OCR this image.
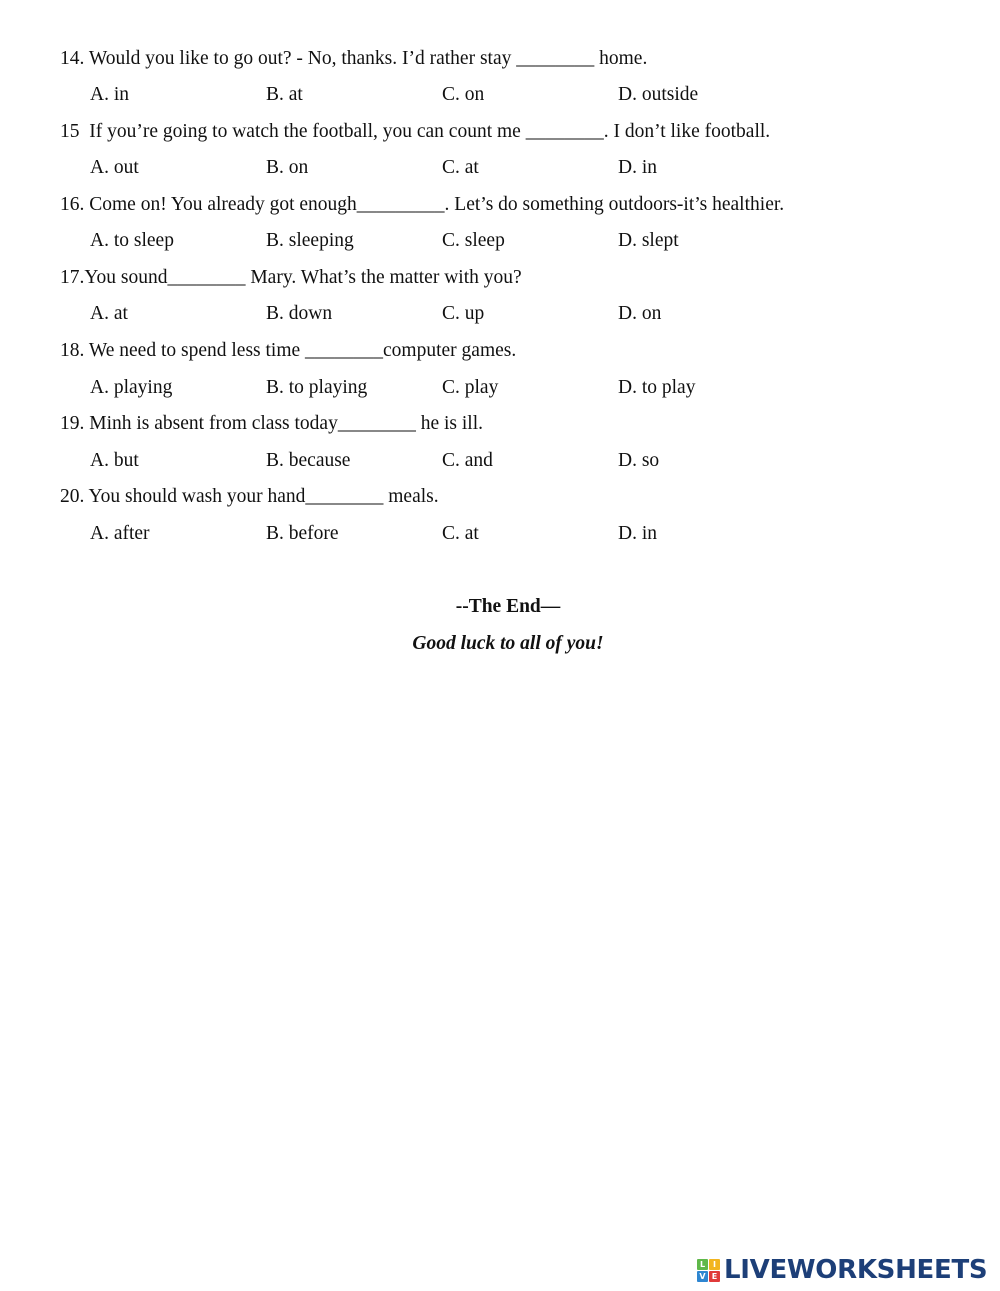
14. Would you like to go out? - No, thanks. I’d rather stay ________ home.
A. in	B. at	C. on	D. outside
15  If you’re going to watch the football, you can count me ________. I don’t like football.
A. out	B. on	C. at	D. in
16. Come on! You already got enough_________. Let’s do something outdoors-it’s healthier.
A. to sleep	B. sleeping	C. sleep	D. slept
17.You sound________ Mary. What’s the matter with you?
A. at	B. down	C. up	D. on
18. We need to spend less time ________computer games.
A. playing	B. to playing	C. play	D. to play
19. Minh is absent from class today________ he is ill.
A. but	B. because	C. and	D. so
20. You should wash your hand________ meals.
A. after	B. before	C. at	D. in
--The End—
Good luck to all of you!
L I
V E LIVEWORKSHEETS
